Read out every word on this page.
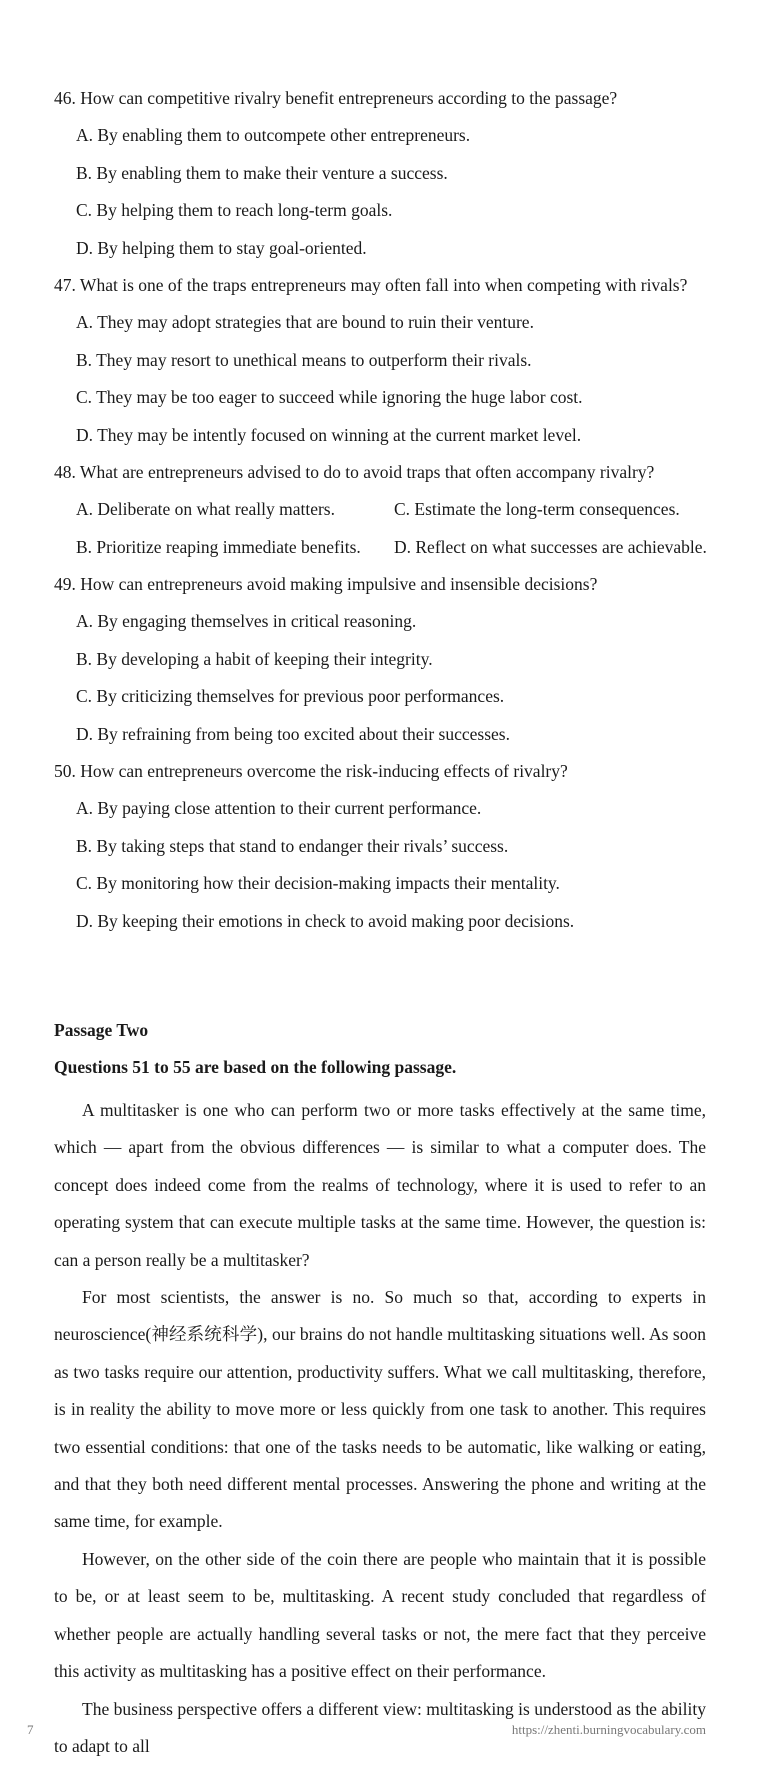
46. How can competitive rivalry benefit entrepreneurs according to the passage?
A. By enabling them to outcompete other entrepreneurs.
B. By enabling them to make their venture a success.
C. By helping them to reach long-term goals.
D. By helping them to stay goal-oriented.
47. What is one of the traps entrepreneurs may often fall into when competing with rivals?
A. They may adopt strategies that are bound to ruin their venture.
B. They may resort to unethical means to outperform their rivals.
C. They may be too eager to succeed while ignoring the huge labor cost.
D. They may be intently focused on winning at the current market level.
48. What are entrepreneurs advised to do to avoid traps that often accompany rivalry?
A. Deliberate on what really matters.	C. Estimate the long-term consequences.
B. Prioritize reaping immediate benefits.	D. Reflect on what successes are achievable.
49. How can entrepreneurs avoid making impulsive and insensible decisions?
A. By engaging themselves in critical reasoning.
B. By developing a habit of keeping their integrity.
C. By criticizing themselves for previous poor performances.
D. By refraining from being too excited about their successes.
50. How can entrepreneurs overcome the risk-inducing effects of rivalry?
A. By paying close attention to their current performance.
B. By taking steps that stand to endanger their rivals’ success.
C. By monitoring how their decision-making impacts their mentality.
D. By keeping their emotions in check to avoid making poor decisions.
Passage Two
Questions 51 to 55 are based on the following passage.

A multitasker is one who can perform two or more tasks effectively at the same time, which — apart from the obvious differences — is similar to what a computer does. The concept does indeed come from the realms of technology, where it is used to refer to an operating system that can execute multiple tasks at the same time. However, the question is: can a person really be a multitasker?

For most scientists, the answer is no. So much so that, according to experts in neuroscience(神经系统科学), our brains do not handle multitasking situations well. As soon as two tasks require our attention, productivity suffers. What we call multitasking, therefore, is in reality the ability to move more or less quickly from one task to another. This requires two essential conditions: that one of the tasks needs to be automatic, like walking or eating, and that they both need different mental processes. Answering the phone and writing at the same time, for example.

However, on the other side of the coin there are people who maintain that it is possible to be, or at least seem to be, multitasking. A recent study concluded that regardless of whether people are actually handling several tasks or not, the mere fact that they perceive this activity as multitasking has a positive effect on their performance.

The business perspective offers a different view: multitasking is understood as the ability to adapt to all

7	https://zhenti.burningvocabulary.com
